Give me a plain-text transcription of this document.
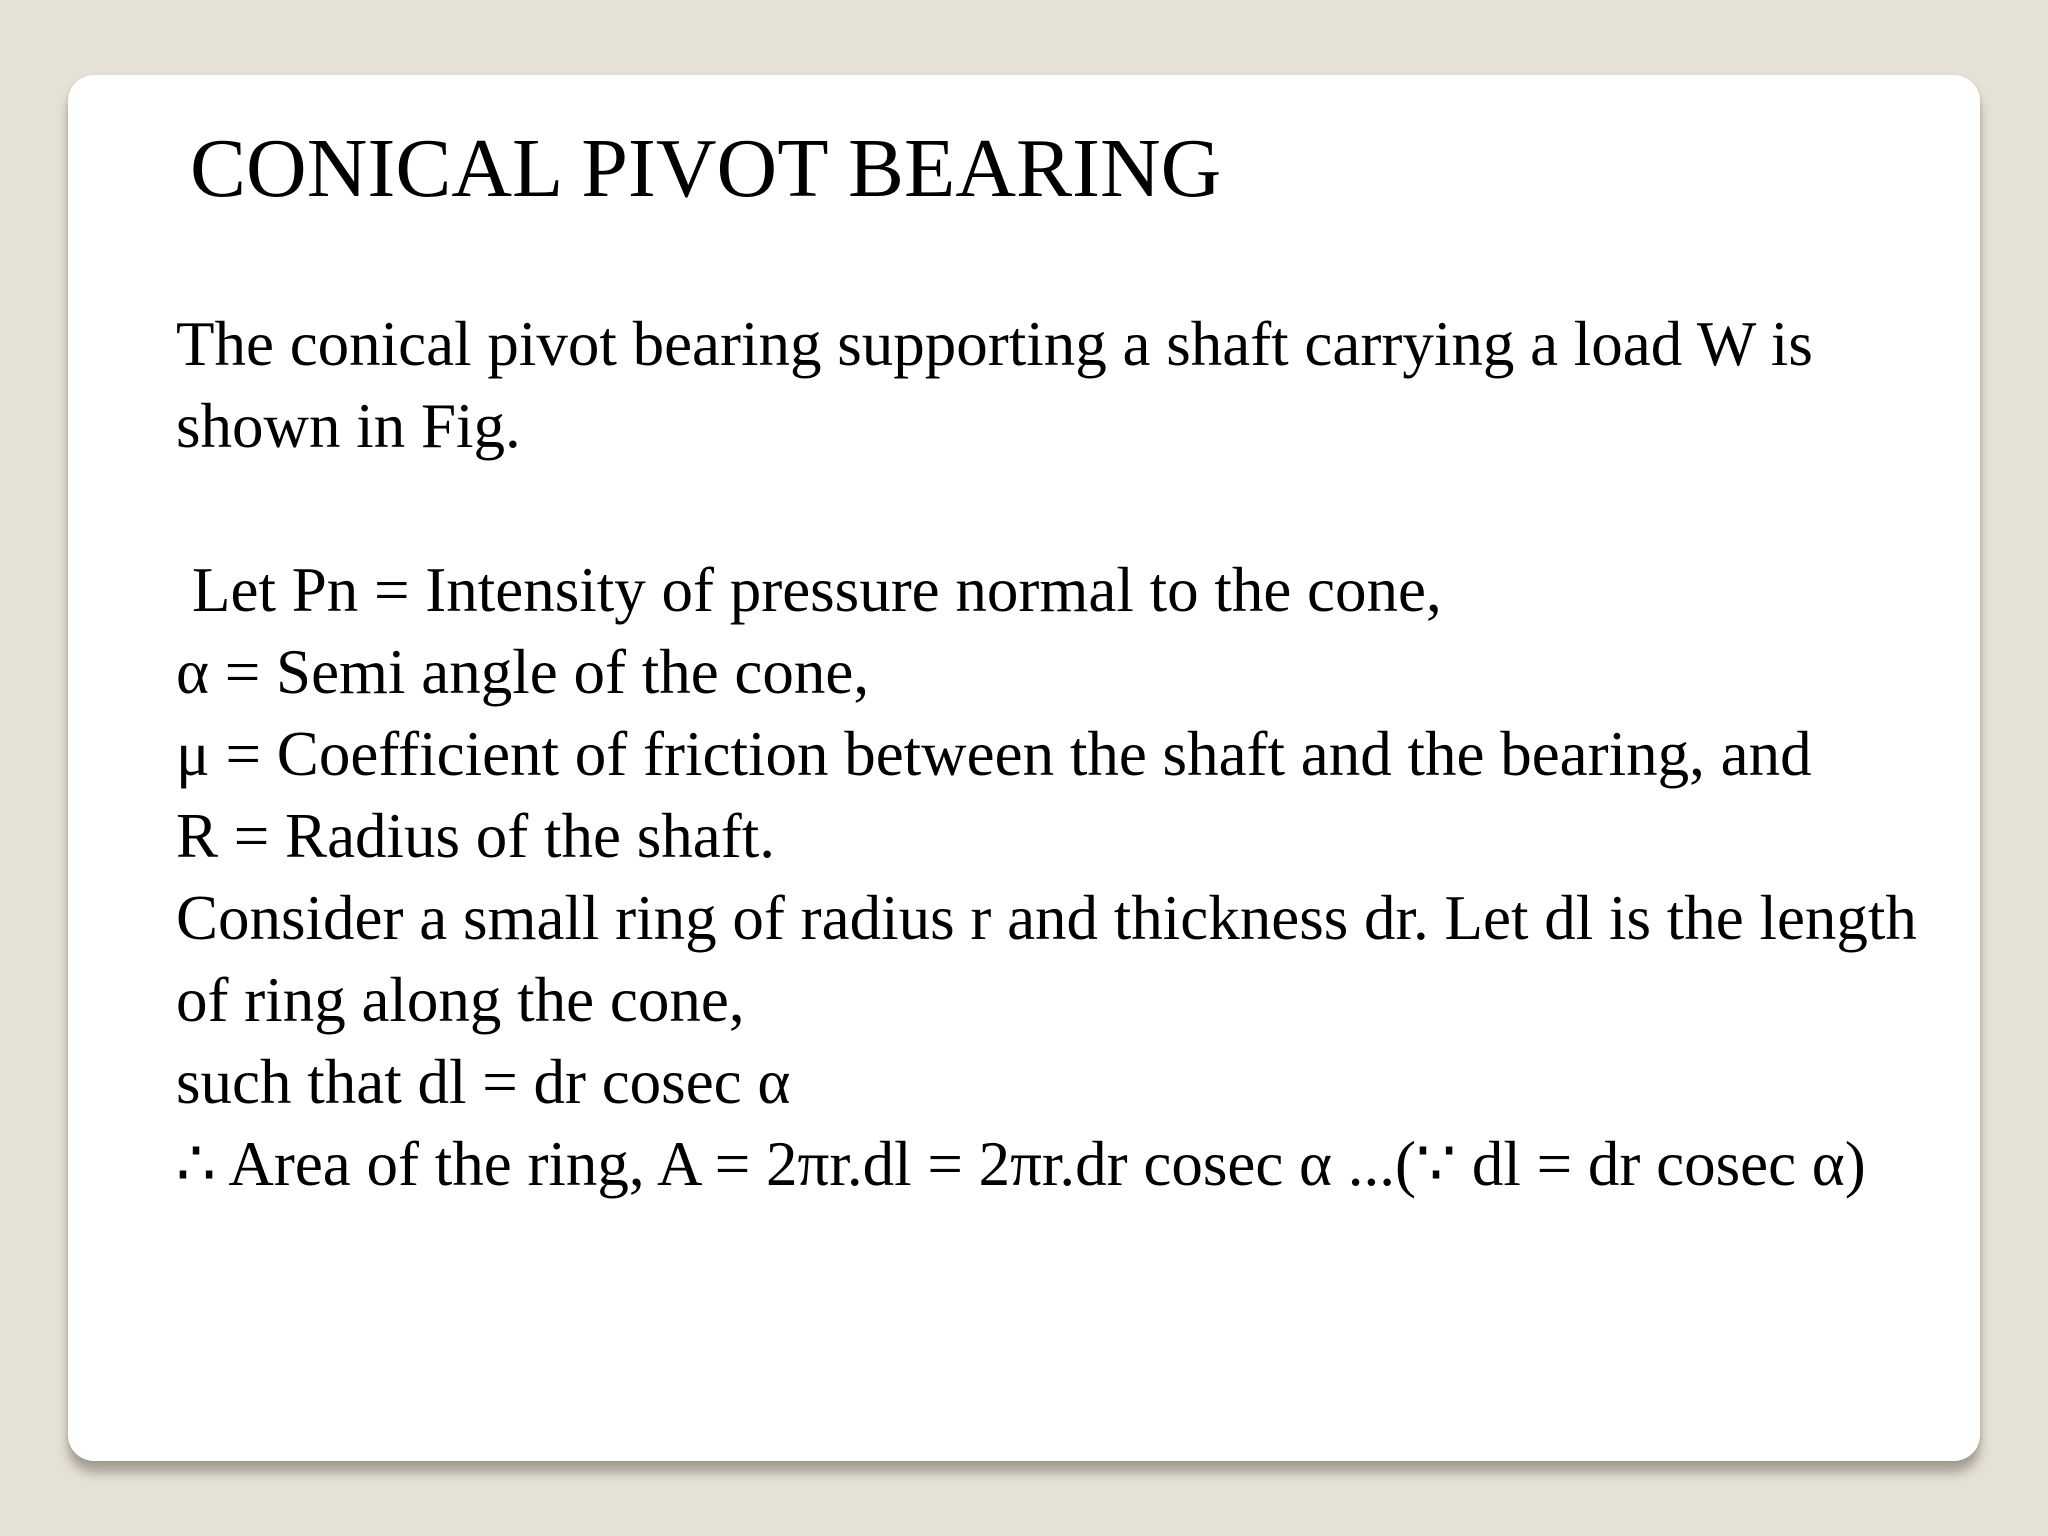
CONICAL PIVOT BEARING

The conical pivot bearing supporting a shaft carrying a load W is shown in Fig.

Let Pn = Intensity of pressure normal to the cone,

α = Semi angle of the cone,

μ = Coefficient of friction between the shaft and the bearing, and

R = Radius of the shaft.

Consider a small ring of radius r and thickness dr. Let dl is the length of ring along the cone,

such that dl = dr cosec α

∴ Area of the ring, A = 2πr.dl = 2πr.dr cosec α ...(∵ dl = dr cosec α)
